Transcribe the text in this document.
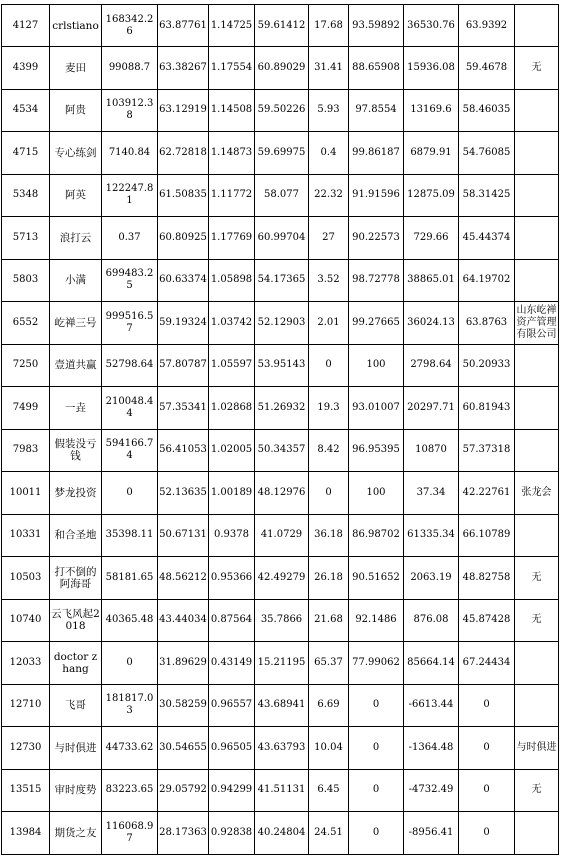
4127	crlstiano	168342.26	63.87761	1.14725	59.61412	17.68	93.59892	36530.76	63.9392	
4399	麦田	99088.7	63.38267	1.17554	60.89029	31.41	88.65908	15936.08	59.4678	无
4534	阿贵	103912.38	63.12919	1.14508	59.50226	5.93	97.8554	13169.6	58.46035	
4715	专心练剑	7140.84	62.72818	1.14873	59.69975	0.4	99.86187	6879.91	54.76085	
5348	阿英	122247.81	61.50835	1.11772	58.077	22.32	91.91596	12875.09	58.31425	
5713	浪打云	0.37	60.80925	1.17769	60.99704	27	90.22573	729.66	45.44374	
5803	小满	699483.25	60.63374	1.05898	54.17365	3.52	98.72778	38865.01	64.19702	
6552	屹禅三号	999516.57	59.19324	1.03742	52.12903	2.01	99.27665	36024.13	63.8763	山东屹禅资产管理有限公司
7250	壹道共赢	52798.64	57.80787	1.05597	53.95143	0	100	2798.64	50.20933	
7499	一垚	210048.44	57.35341	1.02868	51.26932	19.3	93.01007	20297.71	60.81943	
7983	假装没亏钱	594166.74	56.41053	1.02005	50.34357	8.42	96.95395	10870	57.37318	
10011	梦龙投资	0	52.13635	1.00189	48.12976	0	100	37.34	42.22761	张龙会
10331	和合圣地	35398.11	50.67131	0.9378	41.0729	36.18	86.98702	61335.34	66.10789	
10503	打不倒的阿海哥	58181.65	48.56212	0.95366	42.49279	26.18	90.51652	2063.19	48.82758	无
10740	云飞风起2018	40365.48	43.44034	0.87564	35.7866	21.68	92.1486	876.08	45.87428	无
12033	doctor zhang	0	31.89629	0.43149	15.21195	65.37	77.99062	85664.14	67.24434	
12710	飞哥	181817.03	30.58259	0.96557	43.68941	6.69	0	-6613.44	0	
12730	与时俱进	44733.62	30.54655	0.96505	43.63793	10.04	0	-1364.48	0	与时俱进
13515	审时度势	83223.65	29.05792	0.94299	41.51131	6.45	0	-4732.49	0	无
13984	期货之友	116068.97	28.17363	0.92838	40.24804	24.51	0	-8956.41	0	
